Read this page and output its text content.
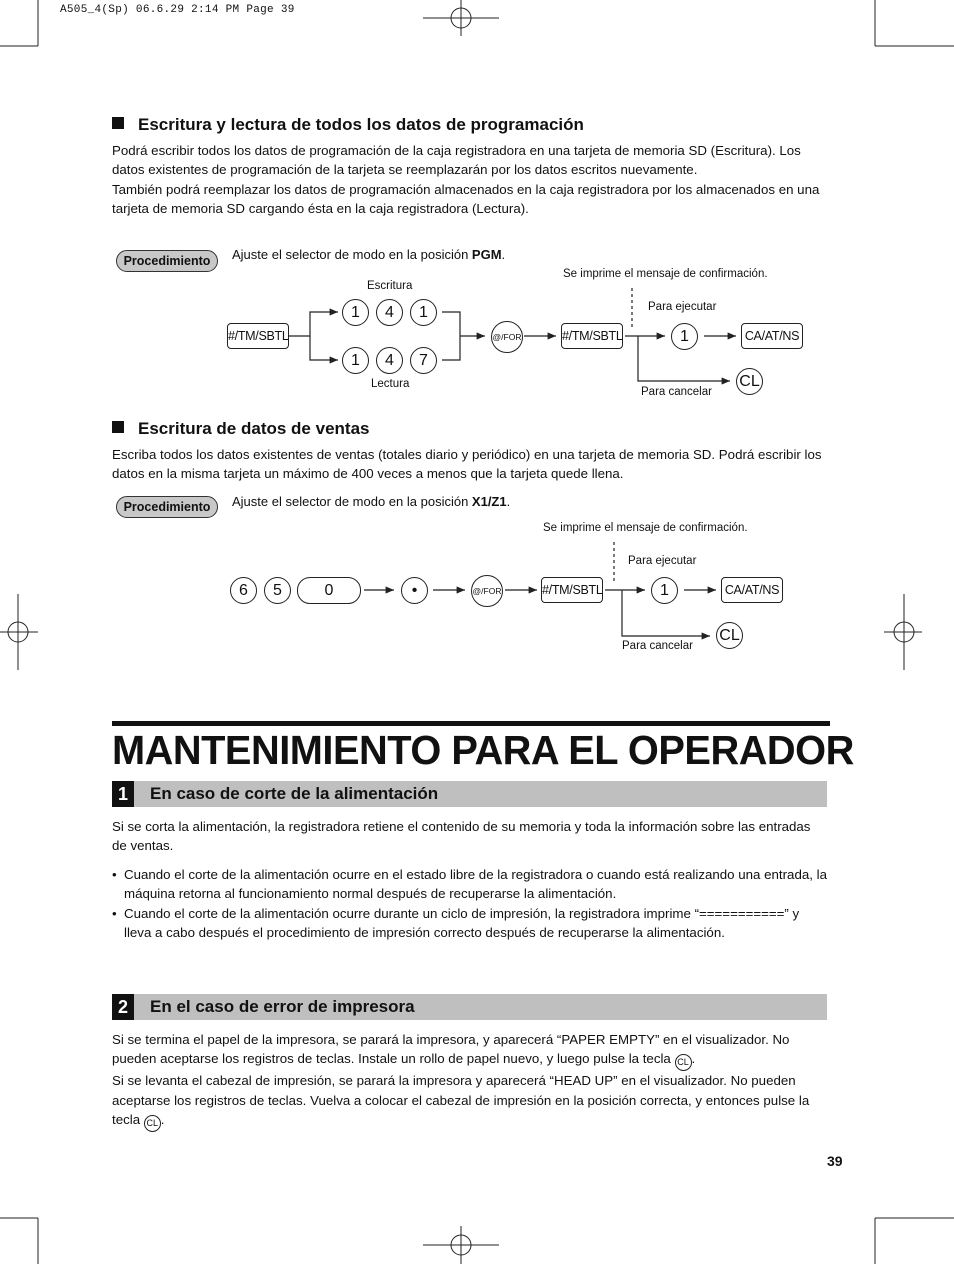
A505_4(Sp) 06.6.29 2:14 PM Page 39
Escritura y lectura de todos los datos de programación

Podrá escribir todos los datos de programación de la caja registradora en una tarjeta de memoria SD (Escritura). Los datos existentes de programación de la tarjeta se reemplazarán por los datos escritos nuevamente.

También podrá reemplazar los datos de programación almacenados en la caja registradora por los almacenados en una tarjeta de memoria SD cargando ésta en la caja registradora (Lectura).

Procedimiento	Ajuste el selector de modo en la posición PGM.
Se imprime el mensaje de confirmación.
Escritura
Lectura
Para ejecutar
Para cancelar
#/TM/SBTL
1	4	1
1	4	7
@/FOR	#/TM/SBTL	1	CA/AT/NS
CL
Escritura de datos de ventas

Escriba todos los datos existentes de ventas (totales diario y periódico) en una tarjeta de memoria SD. Podrá escribir los datos en la misma tarjeta un máximo de 400 veces a menos que la tarjeta quede llena.

Procedimiento	Ajuste el selector de modo en la posición X1/Z1.
Se imprime el mensaje de confirmación.
Para ejecutar
Para cancelar
6	5	0	•	@/FOR	#/TM/SBTL	1	CA/AT/NS
CL
MANTENIMIENTO PARA EL OPERADOR
1	En caso de corte de la alimentación
Si se corta la alimentación, la registradora retiene el contenido de su memoria y toda la información sobre las entradas de ventas.
• Cuando el corte de la alimentación ocurre en el estado libre de la registradora o cuando está realizando una entrada, la máquina retorna al funcionamiento normal después de recuperarse la alimentación.
• Cuando el corte de la alimentación ocurre durante un ciclo de impresión, la registradora imprime “===========” y lleva a cabo después el procedimiento de impresión correcto después de recuperarse la alimentación.
2	En el caso de error de impresora

Si se termina el papel de la impresora, se parará la impresora, y aparecerá “PAPER EMPTY” en el visualizador. No pueden aceptarse los registros de teclas. Instale un rollo de papel nuevo, y luego pulse la tecla CL .

Si se levanta el cabezal de impresión, se parará la impresora y aparecerá “HEAD UP” en el visualizador. No pueden aceptarse los registros de teclas. Vuelva a colocar el cabezal de impresión en la posición correcta, y entonces pulse la tecla CL .

39
